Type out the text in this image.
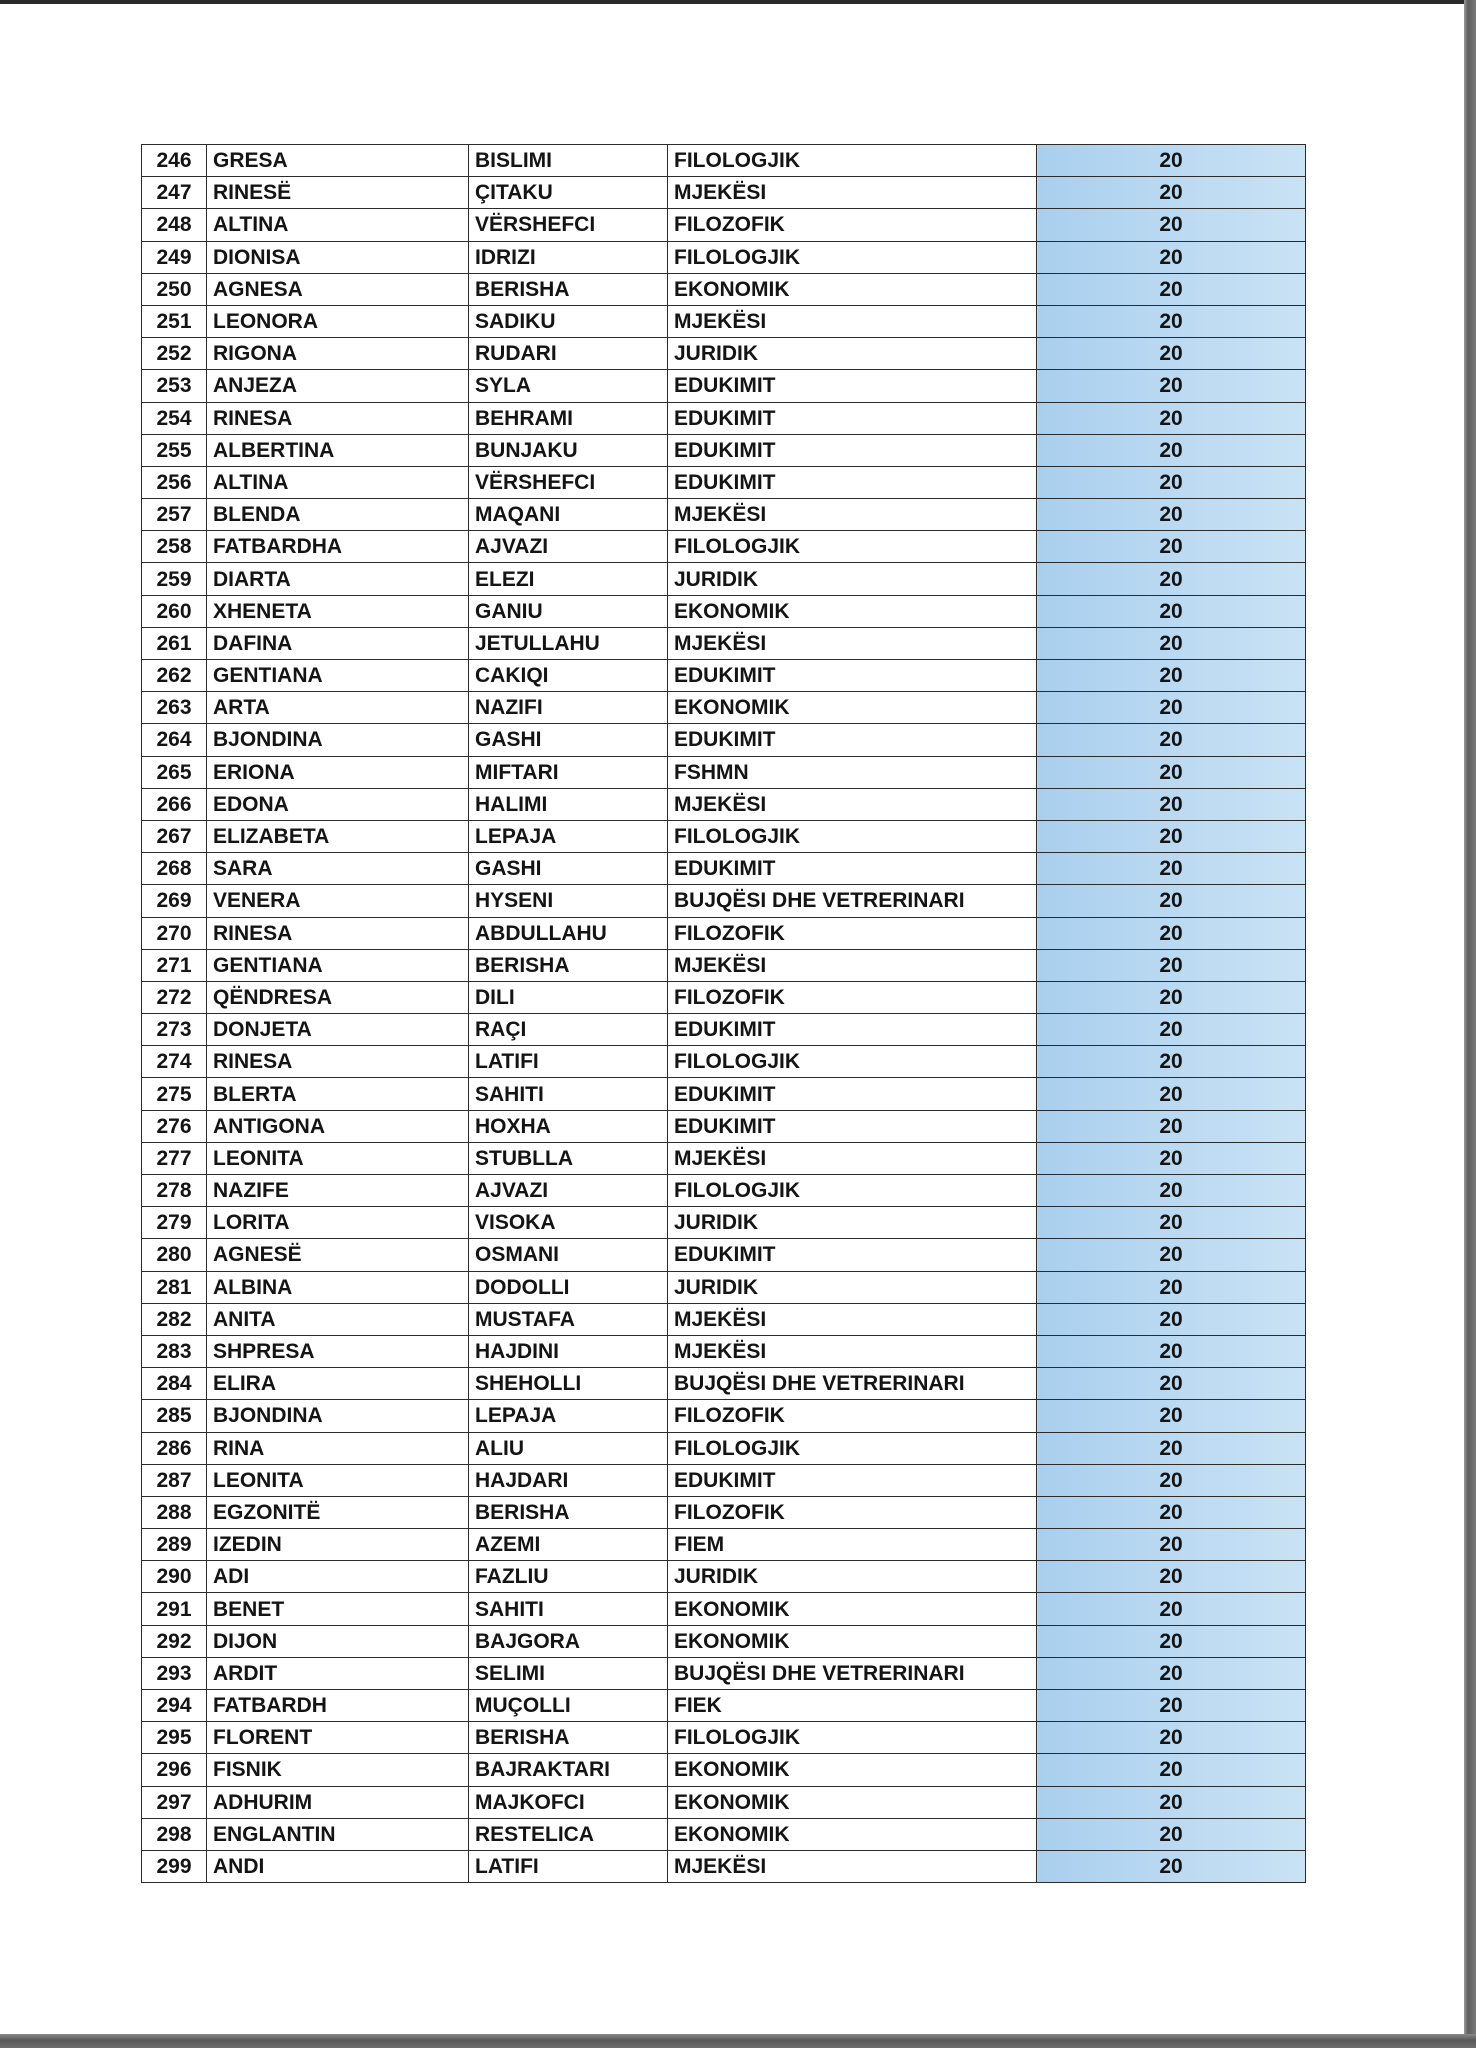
246	GRESA	BISLIMI	FILOLOGJIK	20
247	RINESË	ÇITAKU	MJEKËSI	20
248	ALTINA	VËRSHEFCI	FILOZOFIK	20
249	DIONISA	IDRIZI	FILOLOGJIK	20
250	AGNESA	BERISHA	EKONOMIK	20
251	LEONORA	SADIKU	MJEKËSI	20
252	RIGONA	RUDARI	JURIDIK	20
253	ANJEZA	SYLA	EDUKIMIT	20
254	RINESA	BEHRAMI	EDUKIMIT	20
255	ALBERTINA	BUNJAKU	EDUKIMIT	20
256	ALTINA	VËRSHEFCI	EDUKIMIT	20
257	BLENDA	MAQANI	MJEKËSI	20
258	FATBARDHA	AJVAZI	FILOLOGJIK	20
259	DIARTA	ELEZI	JURIDIK	20
260	XHENETA	GANIU	EKONOMIK	20
261	DAFINA	JETULLAHU	MJEKËSI	20
262	GENTIANA	CAKIQI	EDUKIMIT	20
263	ARTA	NAZIFI	EKONOMIK	20
264	BJONDINA	GASHI	EDUKIMIT	20
265	ERIONA	MIFTARI	FSHMN	20
266	EDONA	HALIMI	MJEKËSI	20
267	ELIZABETA	LEPAJA	FILOLOGJIK	20
268	SARA	GASHI	EDUKIMIT	20
269	VENERA	HYSENI	BUJQËSI DHE VETRERINARI	20
270	RINESA	ABDULLAHU	FILOZOFIK	20
271	GENTIANA	BERISHA	MJEKËSI	20
272	QËNDRESA	DILI	FILOZOFIK	20
273	DONJETA	RAÇI	EDUKIMIT	20
274	RINESA	LATIFI	FILOLOGJIK	20
275	BLERTA	SAHITI	EDUKIMIT	20
276	ANTIGONA	HOXHA	EDUKIMIT	20
277	LEONITA	STUBLLA	MJEKËSI	20
278	NAZIFE	AJVAZI	FILOLOGJIK	20
279	LORITA	VISOKA	JURIDIK	20
280	AGNESË	OSMANI	EDUKIMIT	20
281	ALBINA	DODOLLI	JURIDIK	20
282	ANITA	MUSTAFA	MJEKËSI	20
283	SHPRESA	HAJDINI	MJEKËSI	20
284	ELIRA	SHEHOLLI	BUJQËSI DHE VETRERINARI	20
285	BJONDINA	LEPAJA	FILOZOFIK	20
286	RINA	ALIU	FILOLOGJIK	20
287	LEONITA	HAJDARI	EDUKIMIT	20
288	EGZONITË	BERISHA	FILOZOFIK	20
289	IZEDIN	AZEMI	FIEM	20
290	ADI	FAZLIU	JURIDIK	20
291	BENET	SAHITI	EKONOMIK	20
292	DIJON	BAJGORA	EKONOMIK	20
293	ARDIT	SELIMI	BUJQËSI DHE VETRERINARI	20
294	FATBARDH	MUÇOLLI	FIEK	20
295	FLORENT	BERISHA	FILOLOGJIK	20
296	FISNIK	BAJRAKTARI	EKONOMIK	20
297	ADHURIM	MAJKOFCI	EKONOMIK	20
298	ENGLANTIN	RESTELICA	EKONOMIK	20
299	ANDI	LATIFI	MJEKËSI	20
